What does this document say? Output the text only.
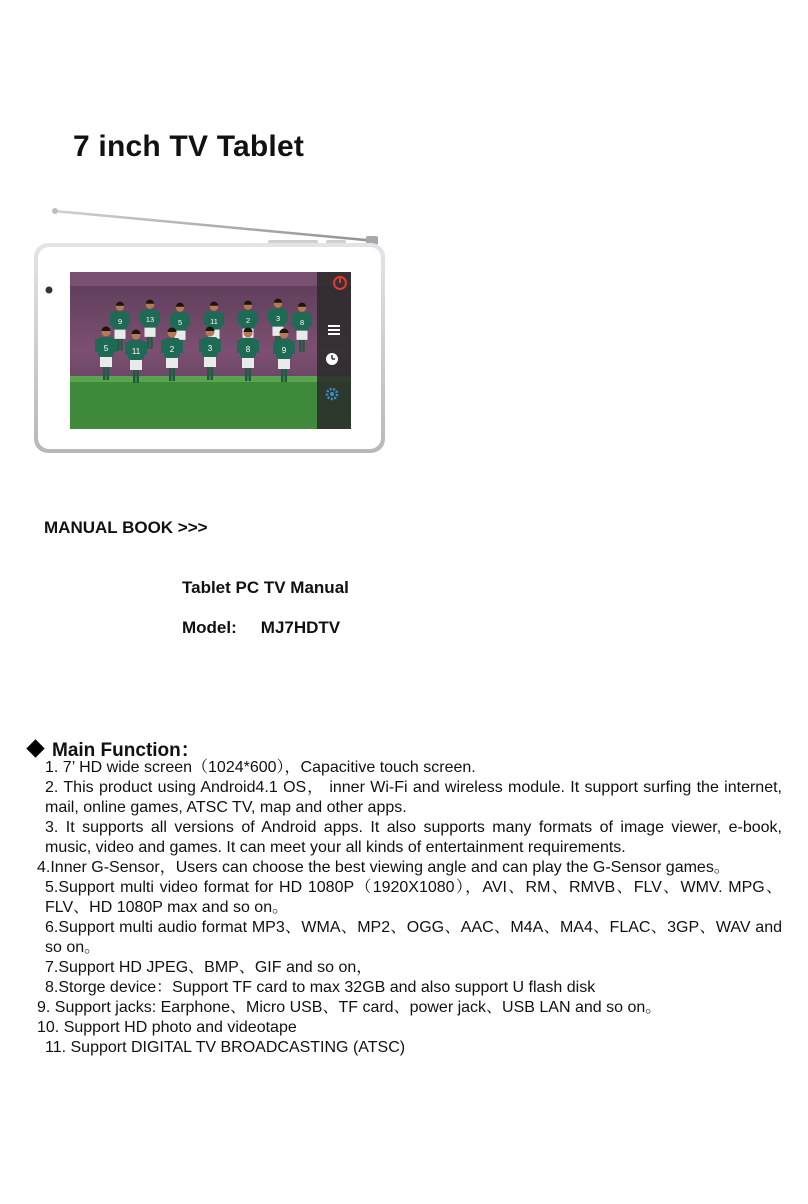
7 inch TV Tablet
9	13	5	11	2	3	8
5	11	2	3	8	9
MANUAL BOOK >>>
Tablet PC TV Manual
Model: MJ7HDTV
Main Function：
1. 7’ HD wide screen（1024*600），Capacitive touch screen.
2. This product using Android4.1 OS， inner Wi-Fi and wireless module. It support surfing the internet, mail, online games, ATSC TV, map and other apps.
3. It supports all versions of Android apps. It also supports many formats of image viewer, e-book, music, video and games. It can meet your all kinds of entertainment requirements.
4.Inner G-Sensor，Users can choose the best viewing angle and can play the G-Sensor games。
5.Support multi video format for HD 1080P（1920X1080），AVI、RM、RMVB、FLV、WMV. MPG、FLV、HD 1080P max and so on。
6.Support multi audio format MP3、WMA、MP2、OGG、AAC、M4A、MA4、FLAC、3GP、WAV and so on。
7.Support HD JPEG、BMP、GIF and so on，
8.Storge device：Support TF card to max 32GB and also support U flash disk
9. Support jacks: Earphone、Micro USB、TF card、power jack、USB LAN and so on。
10. Support HD photo and videotape
11. Support DIGITAL TV BROADCASTING (ATSC)
